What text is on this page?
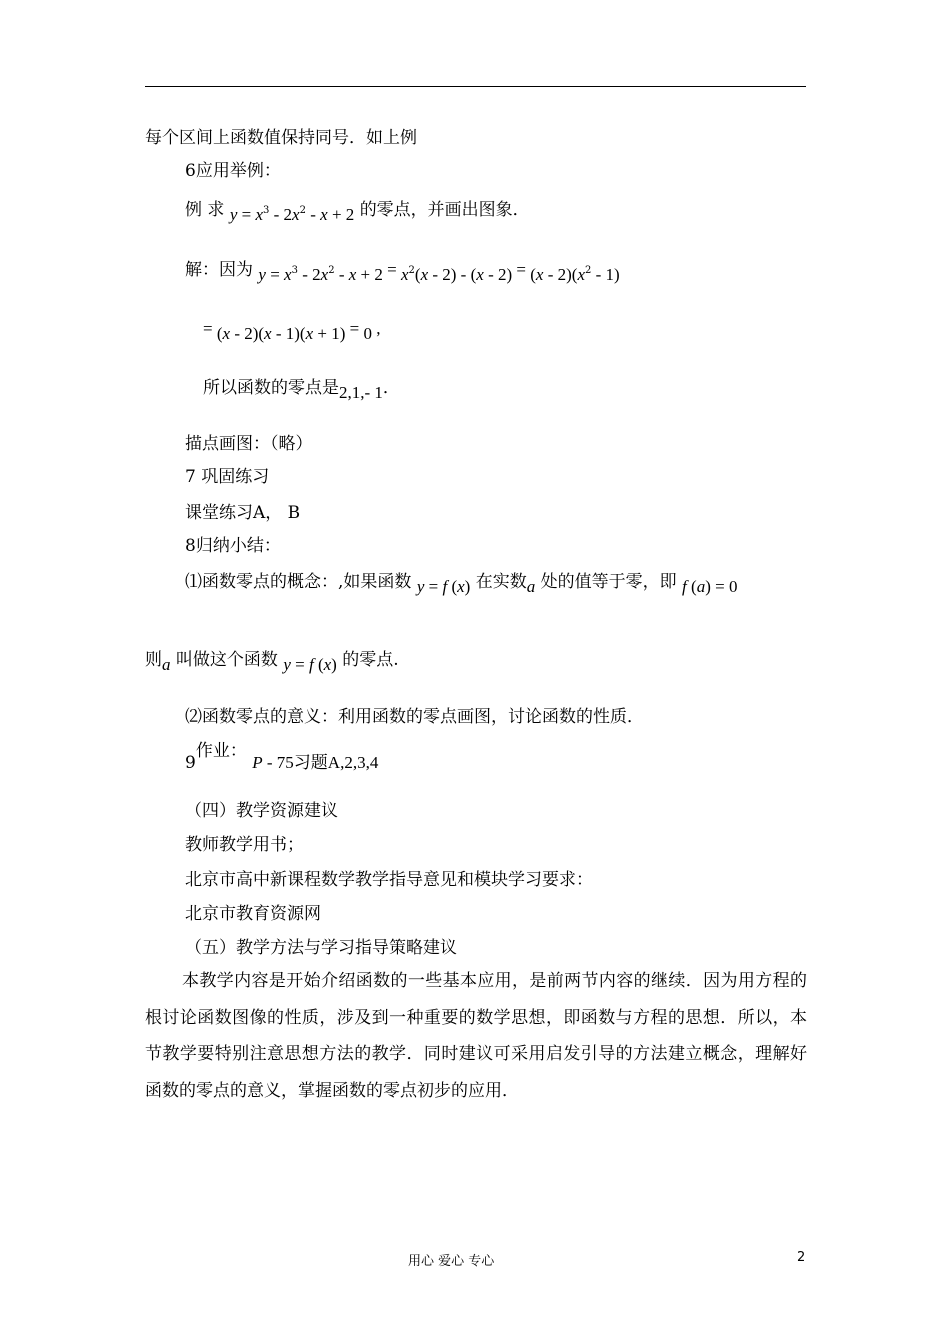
每个区间上函数值保持同号．如上例
6应用举例：
例 求 $y = x^3 - 2x^2 - x + 2$ 的零点，并画出图象．
解：因为 $y = x^3 - 2x^2 - x + 2 = x^2(x - 2) - (x - 2) = (x - 2)(x^2 - 1)$
= (x - 2)(x - 1)(x + 1) = 0 ,
所以函数的零点是2,1,- 1．
描点画图：（略）
7 巩固练习
课堂练习A， B
8归纳小结：
⑴函数零点的概念：,如果函数 y = f (x) 在实数a 处的值等于零，即 f (a) = 0
则a 叫做这个函数 y = f (x) 的零点.
⑵函数零点的意义：利用函数的零点画图，讨论函数的性质．
9作业： P - 75习题A,2,3,4
（四）教学资源建议
教师教学用书；
北京市高中新课程数学教学指导意见和模块学习要求：
北京市教育资源网
（五）教学方法与学习指导策略建议
本教学内容是开始介绍函数的一些基本应用，是前两节内容的继续．因为用方程的根讨论函数图像的性质，涉及到一种重要的数学思想，即函数与方程的思想．所以，本节教学要特别注意思想方法的教学．同时建议可采用启发引导的方法建立概念，理解好函数的零点的意义，掌握函数的零点初步的应用．
用心 爱心 专心	2
